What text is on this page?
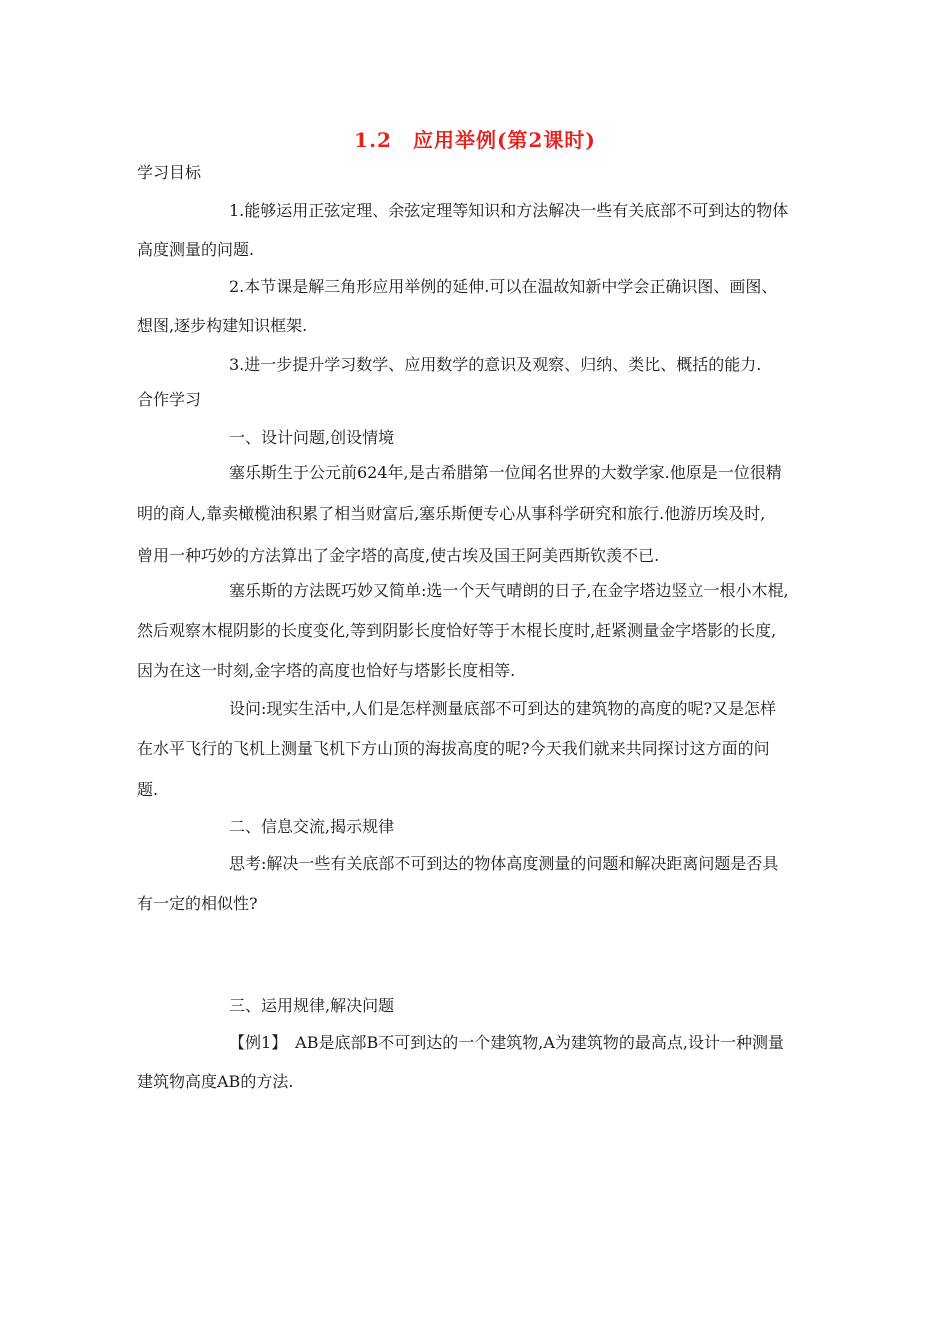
1.2　应用举例(第2课时)
学习目标
1.能够运用正弦定理、余弦定理等知识和方法解决一些有关底部不可到达的物体
高度测量的问题.
2.本节课是解三角形应用举例的延伸.可以在温故知新中学会正确识图、画图、
想图,逐步构建知识框架.
3.进一步提升学习数学、应用数学的意识及观察、归纳、类比、概括的能力.
合作学习
一、设计问题,创设情境
塞乐斯生于公元前624年,是古希腊第一位闻名世界的大数学家.他原是一位很精
明的商人,靠卖橄榄油积累了相当财富后,塞乐斯便专心从事科学研究和旅行.他游历埃及时,
曾用一种巧妙的方法算出了金字塔的高度,使古埃及国王阿美西斯钦羡不已.
塞乐斯的方法既巧妙又简单:选一个天气晴朗的日子,在金字塔边竖立一根小木棍,
然后观察木棍阴影的长度变化,等到阴影长度恰好等于木棍长度时,赶紧测量金字塔影的长度,
因为在这一时刻,金字塔的高度也恰好与塔影长度相等.
设问:现实生活中,人们是怎样测量底部不可到达的建筑物的高度的呢?又是怎样
在水平飞行的飞机上测量飞机下方山顶的海拔高度的呢?今天我们就来共同探讨这方面的问
题.
二、信息交流,揭示规律
思考:解决一些有关底部不可到达的物体高度测量的问题和解决距离问题是否具
有一定的相似性?
三、运用规律,解决问题
【例1】　AB是底部B不可到达的一个建筑物,A为建筑物的最高点,设计一种测量
建筑物高度AB的方法.
